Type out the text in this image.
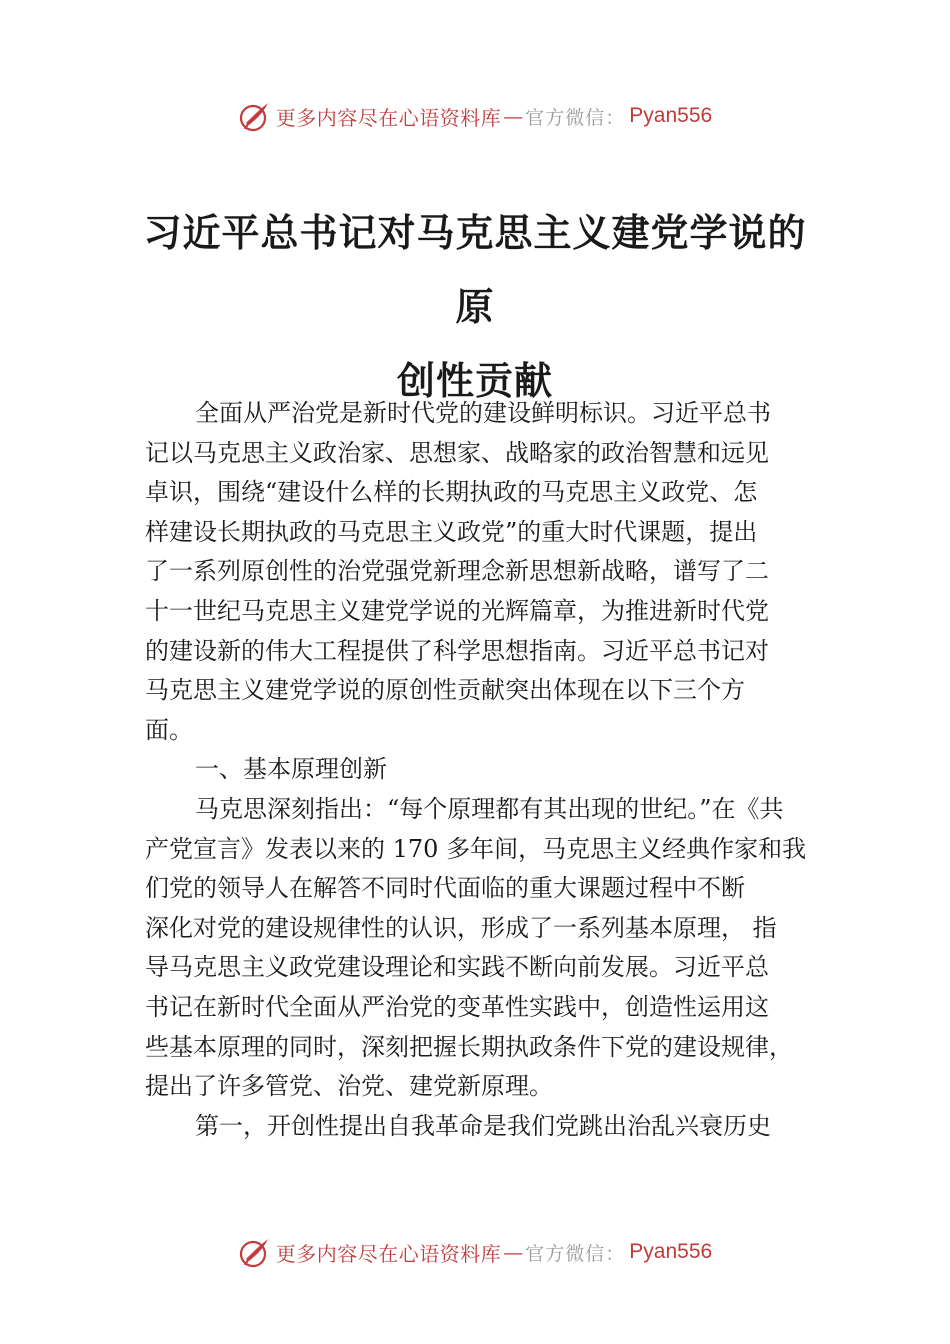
更多内容尽在心语资料库 — 官方微信： Pyan556
习近平总书记对马克思主义建党学说的原
创性贡献

全面从严治党是新时代党的建设鲜明标识。习近平总书
记以马克思主义政治家、思想家、战略家的政治智慧和远见
卓识，围绕“建设什么样的长期执政的马克思主义政党、怎
样建设长期执政的马克思主义政党”的重大时代课题，提出
了一系列原创性的治党强党新理念新思想新战略，谱写了二
十一世纪马克思主义建党学说的光辉篇章，为推进新时代党
的建设新的伟大工程提供了科学思想指南。习近平总书记对
马克思主义建党学说的原创性贡献突出体现在以下三个方
面。

一、基本原理创新

马克思深刻指出：“每个原理都有其出现的世纪。”在《共
产党宣言》发表以来的 170 多年间，马克思主义经典作家和我
们党的领导人在解答不同时代面临的重大课题过程中不断
深化对党的建设规律性的认识，形成了一系列基本原理， 指
导马克思主义政党建设理论和实践不断向前发展。习近平总
书记在新时代全面从严治党的变革性实践中，创造性运用这
些基本原理的同时，深刻把握长期执政条件下党的建设规律，
提出了许多管党、治党、建党新原理。

第一，开创性提出自我革命是我们党跳出治乱兴衰历史

更多内容尽在心语资料库 — 官方微信： Pyan556
